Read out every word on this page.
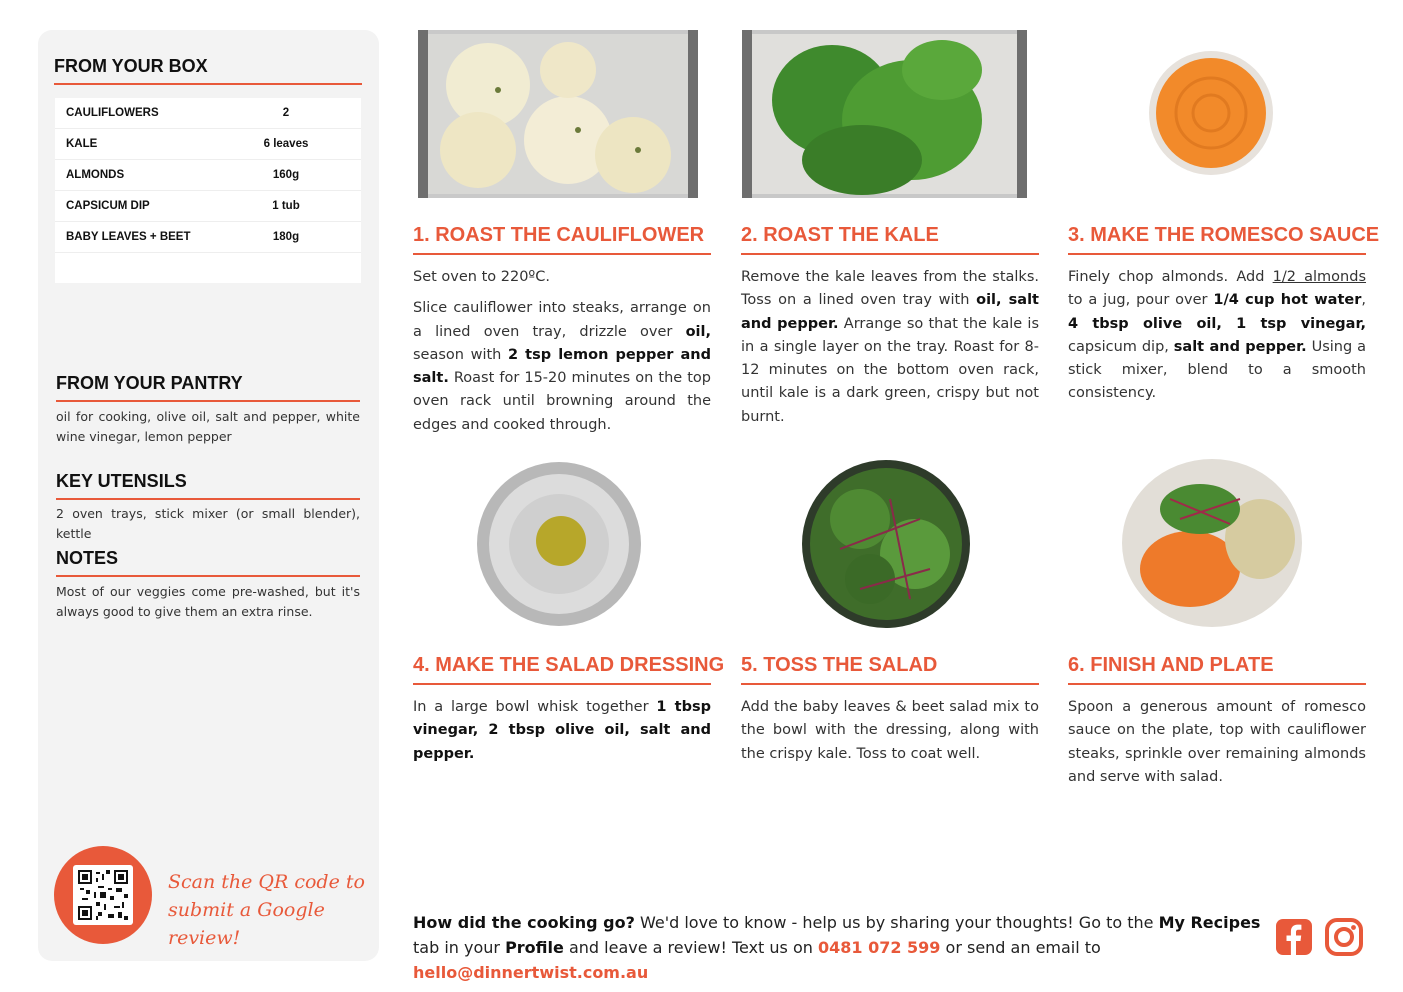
FROM YOUR BOX
CAULIFLOWERS	2
KALE	6 leaves
ALMONDS	160g
CAPSICUM DIP	1 tub
BABY LEAVES + BEET	180g
FROM YOUR PANTRY
oil for cooking, olive oil, salt and pepper, white wine vinegar, lemon pepper
KEY UTENSILS
2 oven trays, stick mixer (or small blender), kettle
NOTES
Most of our veggies come pre-washed, but it's always good to give them an extra rinse.
Scan the QR code to submit a Google review!
1. ROAST THE CAULIFLOWER

Set oven to 220ºC.

Slice cauliflower into steaks, arrange on a lined oven tray, drizzle over oil, season with 2 tsp lemon pepper and salt. Roast for 15-20 minutes on the top oven rack until browning around the edges and cooked through.

2. ROAST THE KALE

Remove the kale leaves from the stalks. Toss on a lined oven tray with oil, salt and pepper. Arrange so that the kale is in a single layer on the tray. Roast for 8-12 minutes on the bottom oven rack, until kale is a dark green, crispy but not burnt.

3. MAKE THE ROMESCO SAUCE

Finely chop almonds. Add 1/2 almonds to a jug, pour over 1/4 cup hot water, 4 tbsp olive oil, 1 tsp vinegar, capsicum dip, salt and pepper. Using a stick mixer, blend to a smooth consistency.

4. MAKE THE SALAD DRESSING

In a large bowl whisk together 1 tbsp vinegar, 2 tbsp olive oil, salt and pepper.

5. TOSS THE SALAD

Add the baby leaves & beet salad mix to the bowl with the dressing, along with the crispy kale. Toss to coat well.

6. FINISH AND PLATE

Spoon a generous amount of romesco sauce on the plate, top with cauliflower steaks, sprinkle over remaining almonds and serve with salad.

How did the cooking go? We'd love to know - help us by sharing your thoughts! Go to the My Recipes tab in your Profile and leave a review! Text us on 0481 072 599 or send an email to hello@dinnertwist.com.au
